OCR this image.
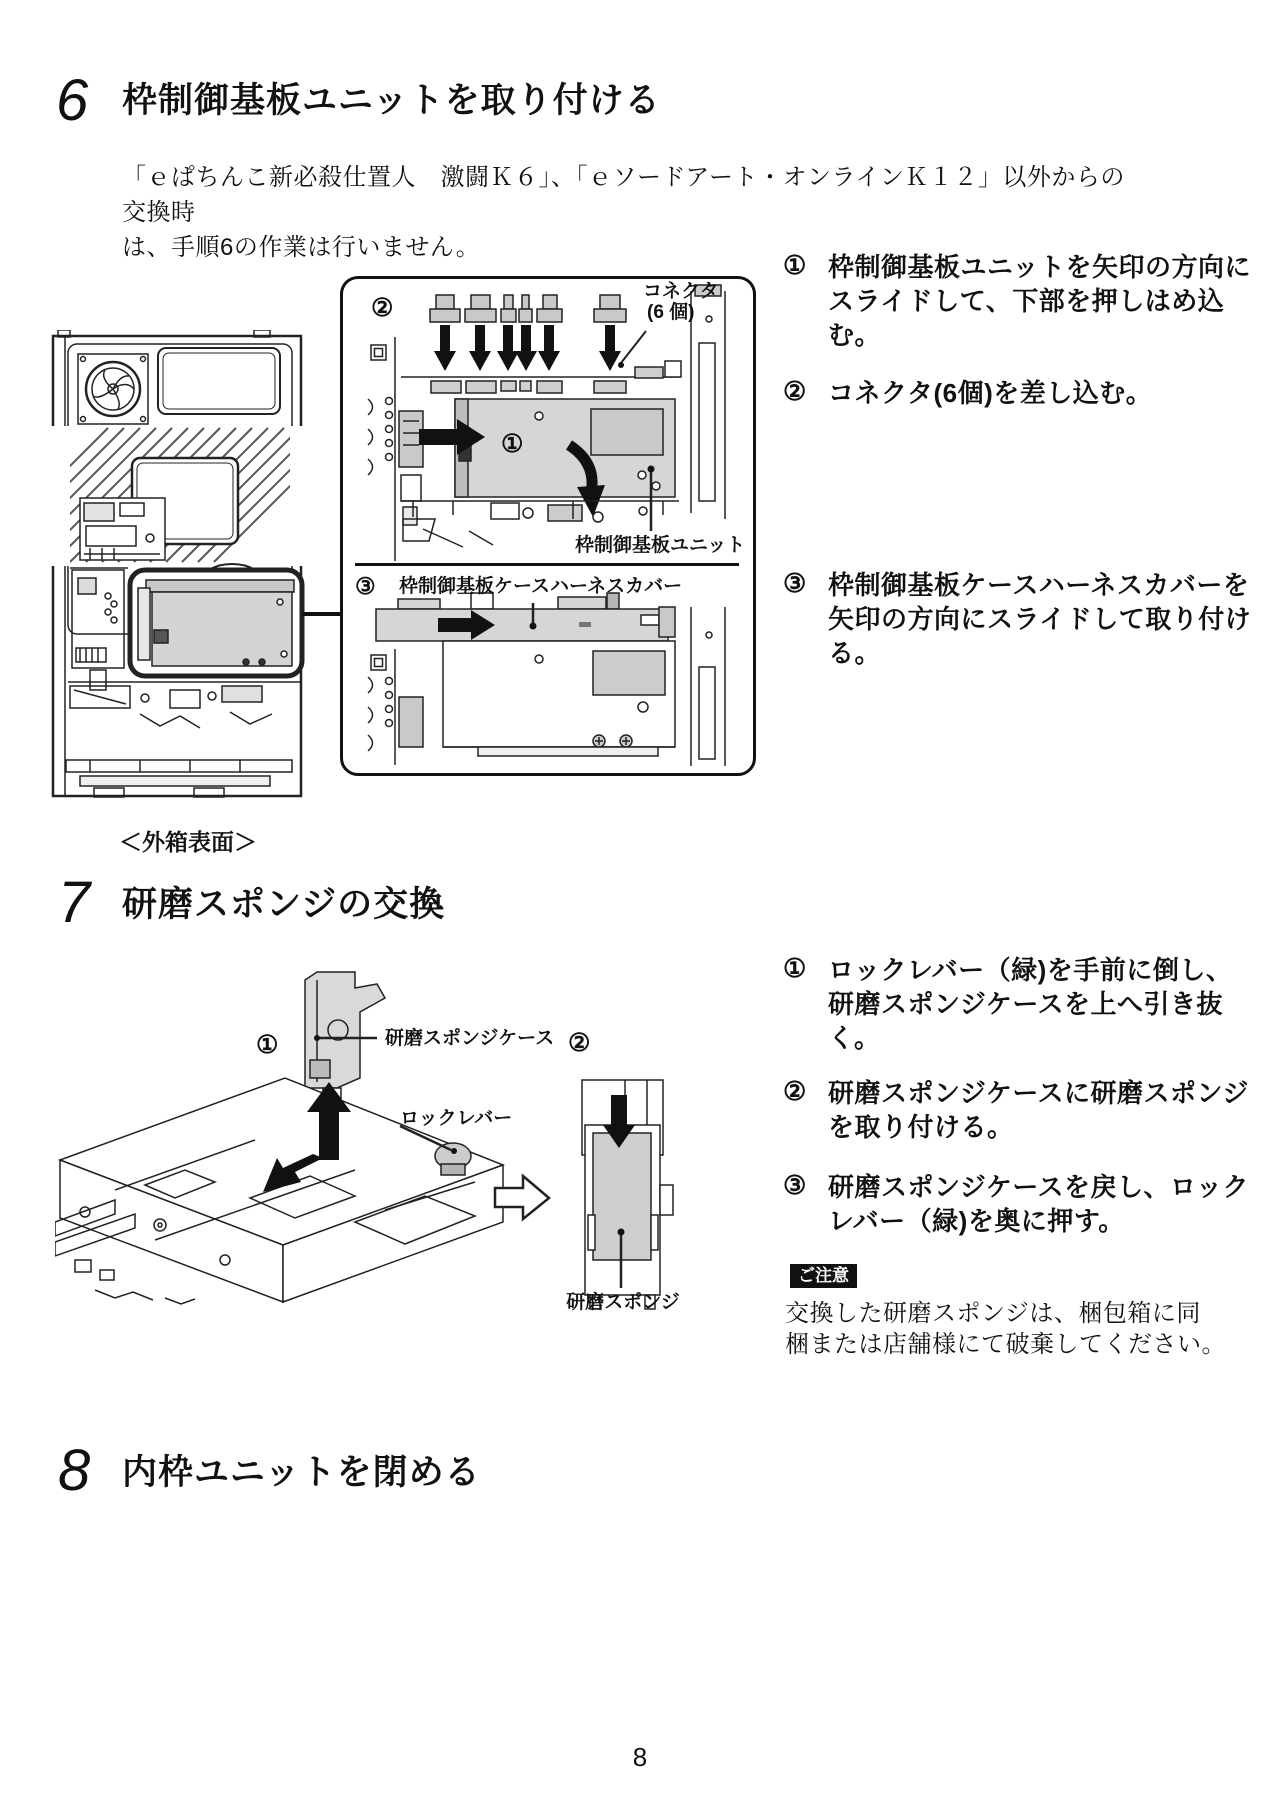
6 枠制御基板ユニットを取り付ける
「ｅぱちんこ新必殺仕置人　激闘Ｋ６」、「ｅソードアート・オンラインＫ１２」以外からの交換時
は、手順6の作業は行いません。
＜外箱表面＞
②
コネクタ
(6 個)
①
枠制御基板ユニット
③ 枠制御基板ケースハーネスカバー
① 枠制御基板ユニットを矢印の方向に
スライドして、下部を押しはめ込
む。
② コネクタ(6個)を差し込む。
③ 枠制御基板ケースハーネスカバーを
矢印の方向にスライドして取り付け
る。
7 研磨スポンジの交換
①	研磨スポンジケース
ロックレバー
②
研磨スポンジ
① ロックレバー（緑)を手前に倒し、
研磨スポンジケースを上へ引き抜
く。
② 研磨スポンジケースに研磨スポンジ
を取り付ける。
③ 研磨スポンジケースを戻し、ロック
レバー（緑)を奥に押す。
ご注意
交換した研磨スポンジは、梱包箱に同
梱または店舗様にて破棄してください。
8 内枠ユニットを閉める
8
